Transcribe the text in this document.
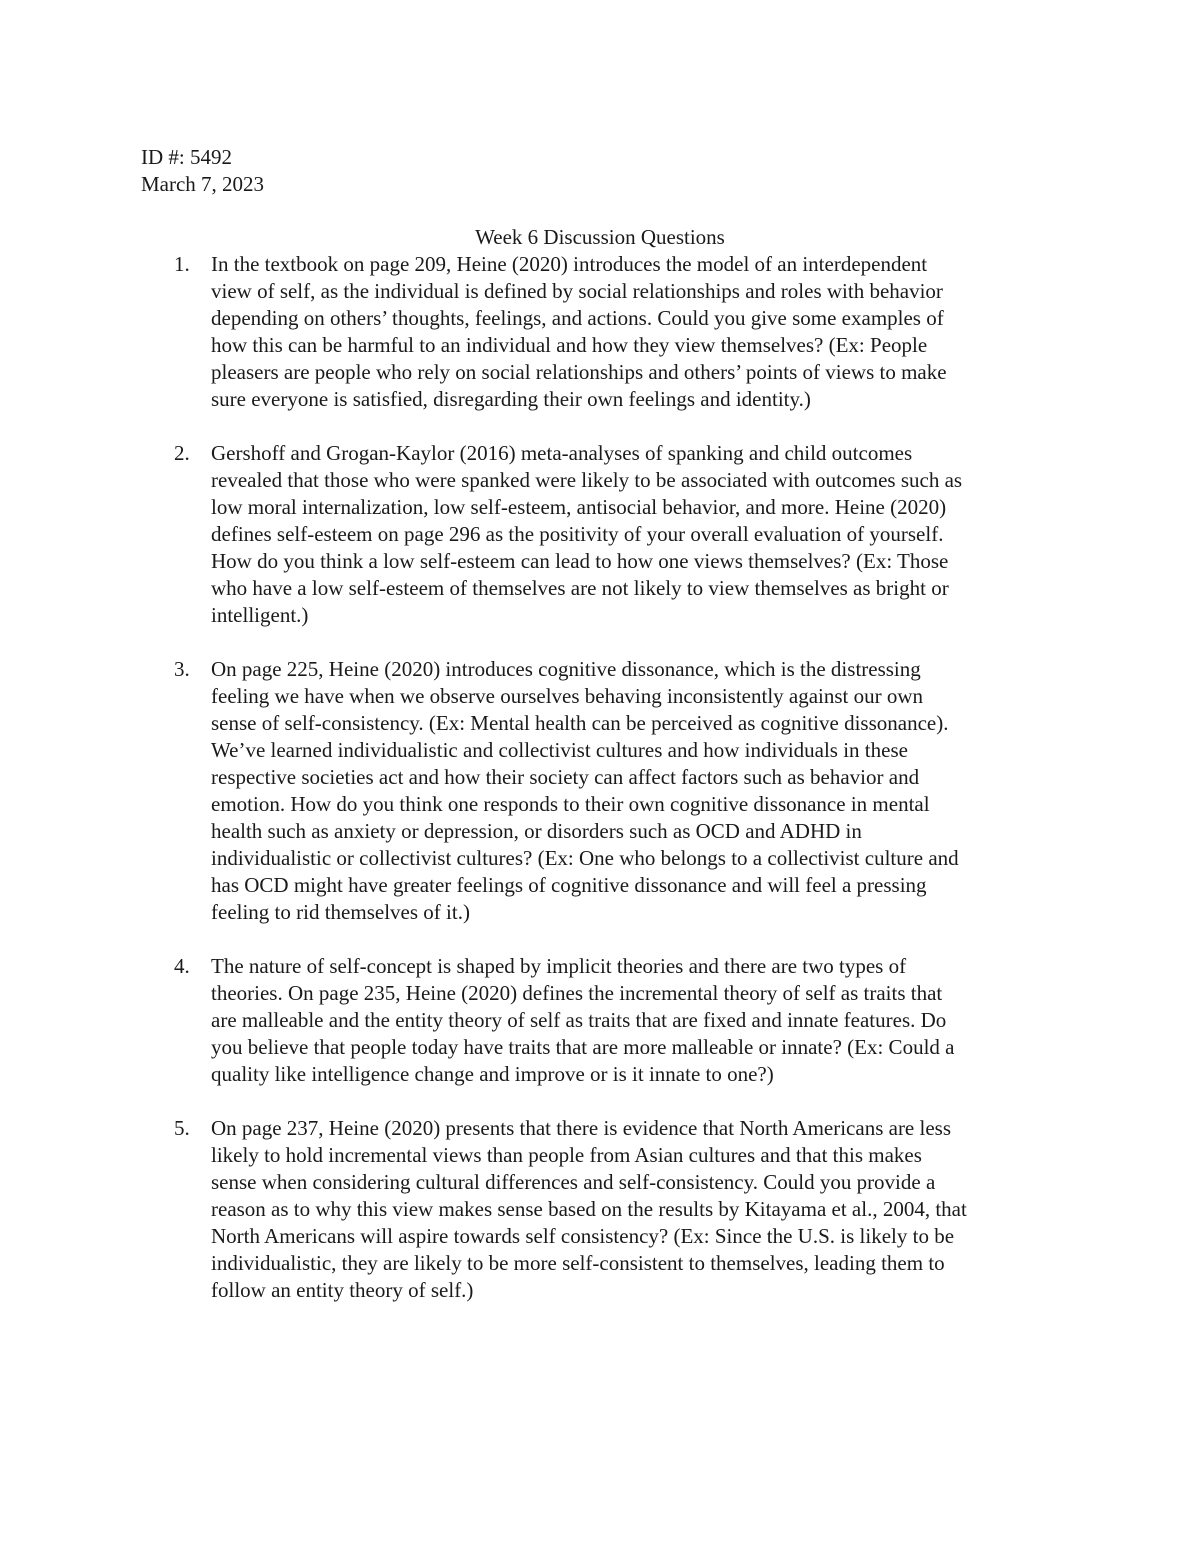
ID #: 5492
March 7, 2023
Week 6 Discussion Questions
1. In the textbook on page 209, Heine (2020) introduces the model of an interdependent
view of self, as the individual is defined by social relationships and roles with behavior
depending on others’ thoughts, feelings, and actions. Could you give some examples of
how this can be harmful to an individual and how they view themselves? (Ex: People
pleasers are people who rely on social relationships and others’ points of views to make
sure everyone is satisfied, disregarding their own feelings and identity.)

2. Gershoff and Grogan-Kaylor (2016) meta-analyses of spanking and child outcomes
revealed that those who were spanked were likely to be associated with outcomes such as
low moral internalization, low self-esteem, antisocial behavior, and more. Heine (2020)
defines self-esteem on page 296 as the positivity of your overall evaluation of yourself.
How do you think a low self-esteem can lead to how one views themselves? (Ex: Those
who have a low self-esteem of themselves are not likely to view themselves as bright or
intelligent.)

3. On page 225, Heine (2020) introduces cognitive dissonance, which is the distressing
feeling we have when we observe ourselves behaving inconsistently against our own
sense of self-consistency. (Ex: Mental health can be perceived as cognitive dissonance).
We’ve learned individualistic and collectivist cultures and how individuals in these
respective societies act and how their society can affect factors such as behavior and
emotion. How do you think one responds to their own cognitive dissonance in mental
health such as anxiety or depression, or disorders such as OCD and ADHD in
individualistic or collectivist cultures? (Ex: One who belongs to a collectivist culture and
has OCD might have greater feelings of cognitive dissonance and will feel a pressing
feeling to rid themselves of it.)

4. The nature of self-concept is shaped by implicit theories and there are two types of
theories. On page 235, Heine (2020) defines the incremental theory of self as traits that
are malleable and the entity theory of self as traits that are fixed and innate features. Do
you believe that people today have traits that are more malleable or innate? (Ex: Could a
quality like intelligence change and improve or is it innate to one?)

5. On page 237, Heine (2020) presents that there is evidence that North Americans are less
likely to hold incremental views than people from Asian cultures and that this makes
sense when considering cultural differences and self-consistency. Could you provide a
reason as to why this view makes sense based on the results by Kitayama et al., 2004, that
North Americans will aspire towards self consistency? (Ex: Since the U.S. is likely to be
individualistic, they are likely to be more self-consistent to themselves, leading them to
follow an entity theory of self.)
